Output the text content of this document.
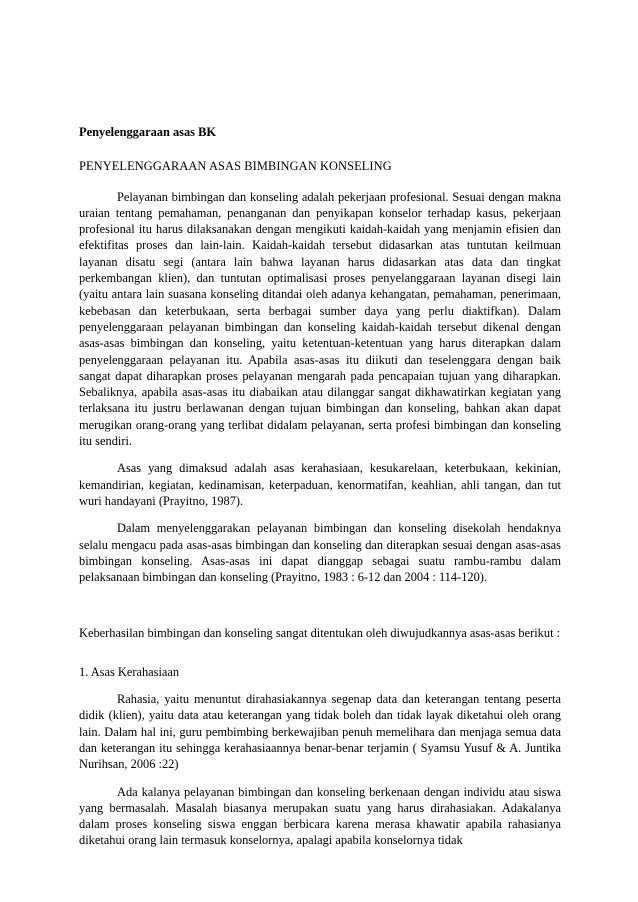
Penyelenggaraan asas BK
PENYELENGGARAAN ASAS BIMBINGAN KONSELING

Pelayanan bimbingan dan konseling adalah pekerjaan profesional. Sesuai dengan makna uraian tentang pemahaman, penanganan dan penyikapan konselor terhadap kasus, pekerjaan profesional itu harus dilaksanakan dengan mengikuti kaidah-kaidah yang menjamin efisien dan efektifitas proses dan lain-lain. Kaidah-kaidah tersebut didasarkan atas tuntutan keilmuan layanan disatu segi (antara lain bahwa layanan harus didasarkan atas data dan tingkat perkembangan klien), dan tuntutan optimalisasi proses penyelanggaraan layanan disegi lain (yaitu antara lain suasana konseling ditandai oleh adanya kehangatan, pemahaman, penerimaan, kebebasan dan keterbukaan, serta berbagai sumber daya yang perlu diaktifkan). Dalam penyelenggaraan pelayanan bimbingan dan konseling kaidah-kaidah tersebut dikenal dengan asas-asas bimbingan dan konseling, yaitu ketentuan-ketentuan yang harus diterapkan dalam penyelenggaraan pelayanan itu. Apabila asas-asas itu diikuti dan teselenggara dengan baik sangat dapat diharapkan proses pelayanan mengarah pada pencapaian tujuan yang diharapkan. Sebaliknya, apabila asas-asas itu diabaikan atau dilanggar sangat dikhawatirkan kegiatan yang terlaksana itu justru berlawanan dengan tujuan bimbingan dan konseling, bahkan akan dapat merugikan orang-orang yang terlibat didalam pelayanan, serta profesi bimbingan dan konseling itu sendiri.

Asas yang dimaksud adalah asas kerahasiaan, kesukarelaan, keterbukaan, kekinian, kemandirian, kegiatan, kedinamisan, keterpaduan, kenormatifan, keahlian, ahli tangan, dan tut wuri handayani (Prayitno, 1987).

Dalam menyelenggarakan pelayanan bimbingan dan konseling disekolah hendaknya selalu mengacu pada asas-asas bimbingan dan konseling dan diterapkan sesuai dengan asas-asas bimbingan konseling. Asas-asas ini dapat dianggap sebagai suatu rambu-rambu dalam pelaksanaan bimbingan dan konseling (Prayitno, 1983 : 6-12 dan 2004 : 114-120).

Keberhasilan bimbingan dan konseling sangat ditentukan oleh diwujudkannya asas-asas berikut :

1. Asas Kerahasiaan

Rahasia, yaitu menuntut dirahasiakannya segenap data dan keterangan tentang peserta didik (klien), yaitu data atau keterangan yang tidak boleh dan tidak layak diketahui oleh orang lain. Dalam hal ini, guru pembimbing berkewajiban penuh memelihara dan menjaga semua data dan keterangan itu sehingga kerahasiaannya benar-benar terjamin ( Syamsu Yusuf & A. Juntika Nurihsan, 2006 :22)

Ada kalanya pelayanan bimbingan dan konseling berkenaan dengan individu atau siswa yang bermasalah. Masalah biasanya merupakan suatu yang harus dirahasiakan. Adakalanya dalam proses konseling siswa enggan berbicara karena merasa khawatir apabila rahasianya diketahui orang lain termasuk konselornya, apalagi apabila konselornya tidak
